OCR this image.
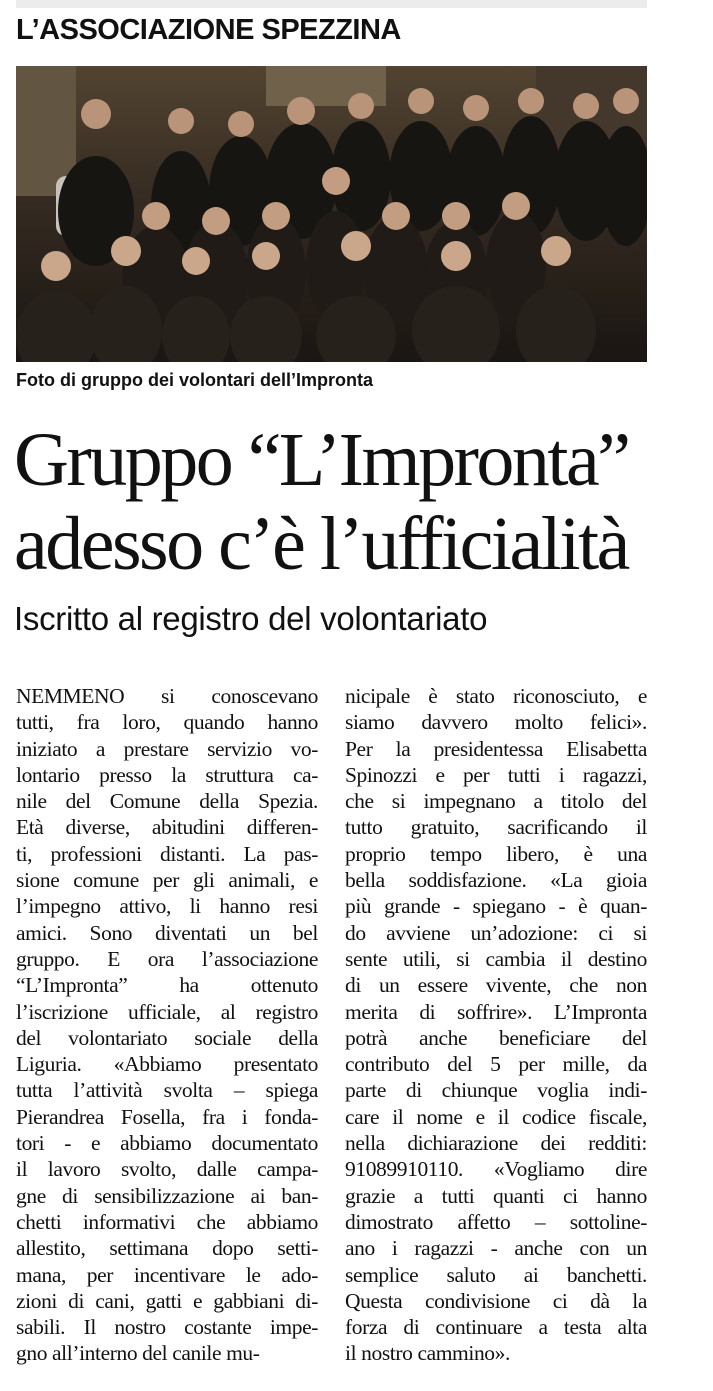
L’ASSOCIAZIONE SPEZZINA
Foto di gruppo dei volontari dell’Impronta
Gruppo “L’Impronta”
adesso c’è l’ufficialità
Iscritto al registro del volontariato
NEMMENO si conoscevano
tutti, fra loro, quando hanno
iniziato a prestare servizio vo-
lontario presso la struttura ca-
nile del Comune della Spezia.
Età diverse, abitudini differen-
ti, professioni distanti. La pas-
sione comune per gli animali, e
l’impegno attivo, li hanno resi
amici. Sono diventati un bel
gruppo. E ora l’associazione
“L’Impronta” ha ottenuto
l’iscrizione ufficiale, al registro
del volontariato sociale della
Liguria. «Abbiamo presentato
tutta l’attività svolta – spiega
Pierandrea Fosella, fra i fonda-
tori - e abbiamo documentato
il lavoro svolto, dalle campa-
gne di sensibilizzazione ai ban-
chetti informativi che abbiamo
allestito, settimana dopo setti-
mana, per incentivare le ado-
zioni di cani, gatti e gabbiani di-
sabili. Il nostro costante impe-
gno all’interno del canile mu-
nicipale è stato riconosciuto, e
siamo davvero molto felici».
Per la presidentessa Elisabetta
Spinozzi e per tutti i ragazzi,
che si impegnano a titolo del
tutto gratuito, sacrificando il
proprio tempo libero, è una
bella soddisfazione. «La gioia
più grande - spiegano - è quan-
do avviene un’adozione: ci si
sente utili, si cambia il destino
di un essere vivente, che non
merita di soffrire». L’Impronta
potrà anche beneficiare del
contributo del 5 per mille, da
parte di chiunque voglia indi-
care il nome e il codice fiscale,
nella dichiarazione dei redditi:
91089910110. «Vogliamo dire
grazie a tutti quanti ci hanno
dimostrato affetto – sottoline-
ano i ragazzi - anche con un
semplice saluto ai banchetti.
Questa condivisione ci dà la
forza di continuare a testa alta
il nostro cammino».
